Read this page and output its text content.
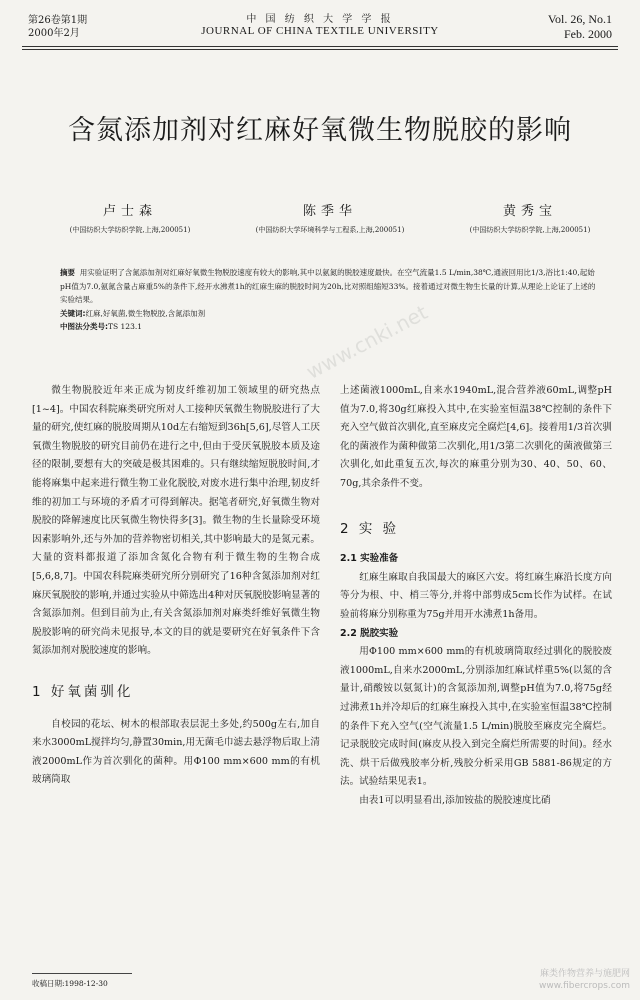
第26卷第1期
2000年2月
中 国 纺 织 大 学 学 报
JOURNAL OF CHINA TEXTILE UNIVERSITY
Vol. 26, No.1
Feb. 2000
含氮添加剂对红麻好氧微生物脱胶的影响
卢士森
(中国纺织大学纺织学院,上海,200051)
陈季华
(中国纺织大学环境科学与工程系,上海,200051)
黄秀宝
(中国纺织大学纺织学院,上海,200051)
摘要 用实验证明了含氮添加剂对红麻好氧微生物脱胶速度有较大的影响,其中以氨氮的脱胶速度最快。在空气流量1.5 L/min,38℃,通液回用比1/3,浴比1:40,起始pH值为7.0,氨氮含量占麻重5%的条件下,经开水沸煮1h的红麻生麻的脱胶时间为20h,比对照组缩短33%。接着通过对微生物生长量的计算,从理论上论证了上述的实验结果。
关键词:红麻,好氧菌,微生物脱胶,含氮添加剂
中图法分类号:TS 123.1	www.cnki.net

微生物脱胶近年来正成为韧皮纤维初加工领域里的研究热点[1~4]。中国农科院麻类研究所对人工接种厌氧微生物脱胶进行了大量的研究,使红麻的脱胶周期从10d左右缩短到36h[5,6],尽管人工厌氧微生物脱胶的研究目前仍在进行之中,但由于受厌氧脱胶本质及途径的限制,要想有大的突破是极其困难的。只有继续缩短脱胶时间,才能将麻集中起来进行微生物工业化脱胶,对废水进行集中治理,韧皮纤维的初加工与环境的矛盾才可得到解决。据笔者研究,好氧微生物对脱胶的降解速度比厌氧微生物快得多[3]。微生物的生长量除受环境因素影响外,还与外加的营养物密切相关,其中影响最大的是氮元素。大量的资料都报道了添加含氮化合物有利于微生物的生物合成[5,6,8,7]。中国农科院麻类研究所分别研究了16种含氮添加剂对红麻厌氧脱胶的影响,并通过实验从中筛选出4种对厌氧脱胶影响显著的含氮添加剂。但到目前为止,有关含氮添加剂对麻类纤维好氧微生物脱胶影响的研究尚未见报导,本文的目的就是要研究在好氧条件下含氮添加剂对脱胶速度的影响。

1 好氧菌驯化

自校园的花坛、树木的根部取表层泥土多处,约500g左右,加自来水3000mL搅拌均匀,静置30min,用无菌毛巾滤去悬浮物后取上清液2000mL作为首次驯化的菌种。用Φ100 mm×600 mm的有机玻璃筒取

上述菌液1000mL,自来水1940mL,混合营养液60mL,调整pH值为7.0,将30g红麻投入其中,在实验室恒温38℃控制的条件下充入空气做首次驯化,直至麻皮完全腐烂[4,6]。接着用1/3首次驯化的菌液作为菌种做第二次驯化,用1/3第二次驯化的菌液做第三次驯化,如此重复五次,每次的麻重分别为30、40、50、60、70g,其余条件不变。

2 实 验
2.1 实验准备

红麻生麻取自我国最大的麻区六安。将红麻生麻沿长度方向等分为根、中、梢三等分,并将中部剪成5cm长作为试样。在试验前将麻分别称重为75g并用开水沸煮1h备用。

2.2 脱胶实验

用Φ100 mm×600 mm的有机玻璃筒取经过驯化的脱胶废液1000mL,自来水2000mL,分别添加红麻试样重5%(以氮的含量计,硝酸铵以氨氮计)的含氮添加剂,调整pH值为7.0,将75g经过沸煮1h并冷却后的红麻生麻投入其中,在实验室恒温38℃控制的条件下充入空气(空气流量1.5 L/min)脱胶至麻皮完全腐烂。记录脱胶完成时间(麻皮从投入到完全腐烂所需要的时间)。经水洗、烘干后做残胶率分析,残胶分析采用GB 5881-86规定的方法。试验结果见表1。

由表1可以明显看出,添加铵盐的脱胶速度比硝

收稿日期:1998-12-30
麻类作物营养与施肥网
www.fibercrops.com
